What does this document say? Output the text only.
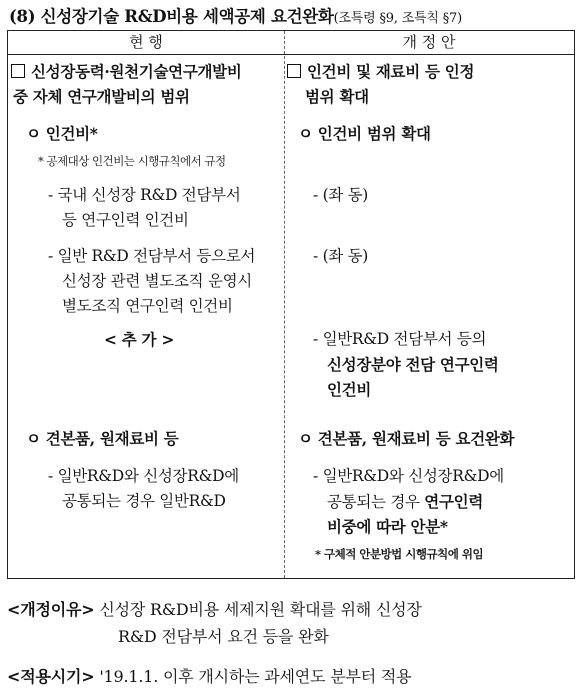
(8) 신성장기술 R&D비용 세액공제 요건완화(조특령 §9, 조특칙 §7)
현 행	개 정 안
신성장동력·원천기술연구개발비
중 자체 연구개발비의 범위
ㅇ 인건비*
* 공제대상 인건비는 시행규칙에서 규정
- 국내 신성장 R&D 전담부서
등 연구인력 인건비
- 일반 R&D 전담부서 등으로서
신성장 관련 별도조직 운영시
별도조직 연구인력 인건비
< 추 가 >
ㅇ 견본품, 원재료비 등
- 일반R&D와 신성장R&D에
공통되는 경우 일반R&D
인건비 및 재료비 등 인정
범위 확대
ㅇ 인건비 범위 확대
- (좌 동)
- (좌 동)
- 일반R&D 전담부서 등의
신성장분야 전담 연구인력
인건비
ㅇ 견본품, 원재료비 등 요건완화
- 일반R&D와 신성장R&D에
공통되는 경우 연구인력
비중에 따라 안분*
* 구체적 안분방법 시행규칙에 위임
<개정이유> 신성장 R&D비용 세제지원 확대를 위해 신성장
R&D 전담부서 요건 등을 완화
<적용시기> '19.1.1. 이후 개시하는 과세연도 분부터 적용
